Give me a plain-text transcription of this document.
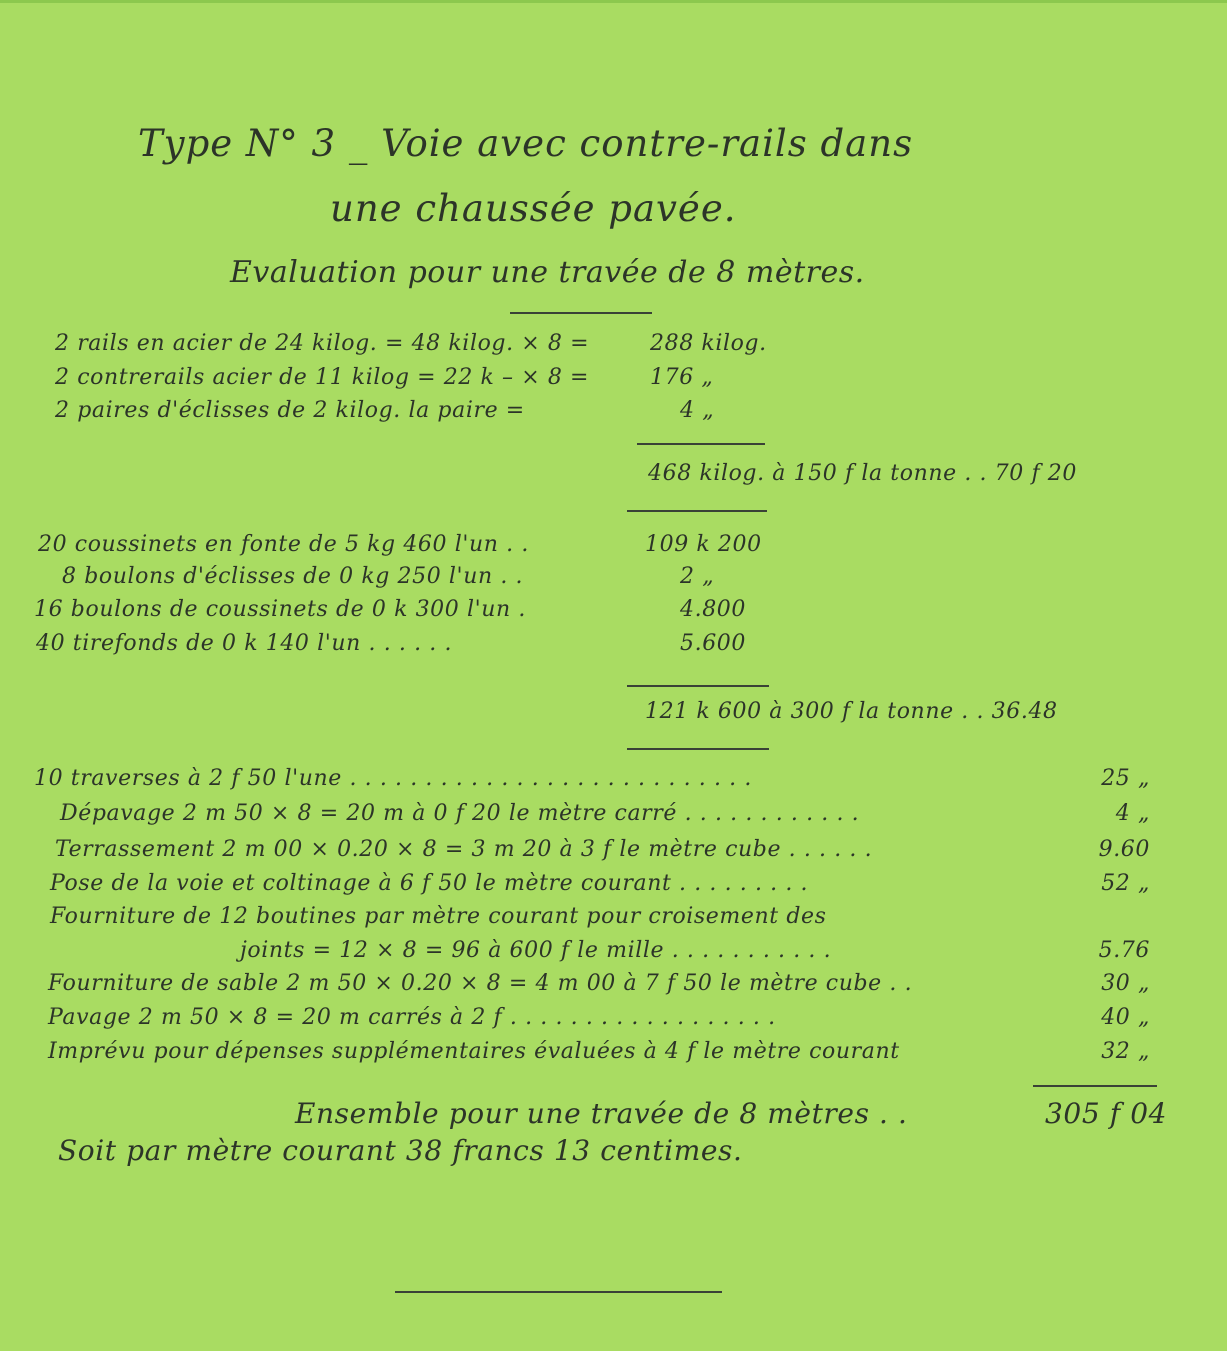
Type N° 3 _ Voie avec contre-rails dans
une chaussée pavée.
Evaluation pour une travée de 8 mètres.
2 rails en acier de 24 kilog. = 48 kilog. × 8 =	288 kilog.
2 contrerails acier de 11 kilog = 22 k – × 8 =	176 „
2 paires d'éclisses de 2 kilog. la paire =	4 „
468 kilog. à 150 f la tonne . . 70 f 20
20 coussinets en fonte de 5 kg 460 l'un . .	109 k 200
8 boulons d'éclisses de 0 kg 250 l'un . .	2 „
16 boulons de coussinets de 0 k 300 l'un .	4.800
40 tirefonds de 0 k 140 l'un . . . . . .	5.600
121 k 600 à 300 f la tonne . . 36.48
10 traverses à 2 f 50 l'une . . . . . . . . . . . . . . . . . . . . . . . . . . .	25 „
Dépavage 2 m 50 × 8 = 20 m à 0 f 20 le mètre carré . . . . . . . . . . . .	4 „
Terrassement 2 m 00 × 0.20 × 8 = 3 m 20 à 3 f le mètre cube . . . . . .	9.60
Pose de la voie et coltinage à 6 f 50 le mètre courant . . . . . . . . .	52 „
Fourniture de 12 boutines par mètre courant pour croisement des
joints = 12 × 8 = 96 à 600 f le mille . . . . . . . . . . .	5.76
Fourniture de sable 2 m 50 × 0.20 × 8 = 4 m 00 à 7 f 50 le mètre cube . .	30 „
Pavage 2 m 50 × 8 = 20 m carrés à 2 f . . . . . . . . . . . . . . . . . .	40 „
Imprévu pour dépenses supplémentaires évaluées à 4 f le mètre courant	32 „
Ensemble pour une travée de 8 mètres . .	305 f 04
Soit par mètre courant 38 francs 13 centimes.
